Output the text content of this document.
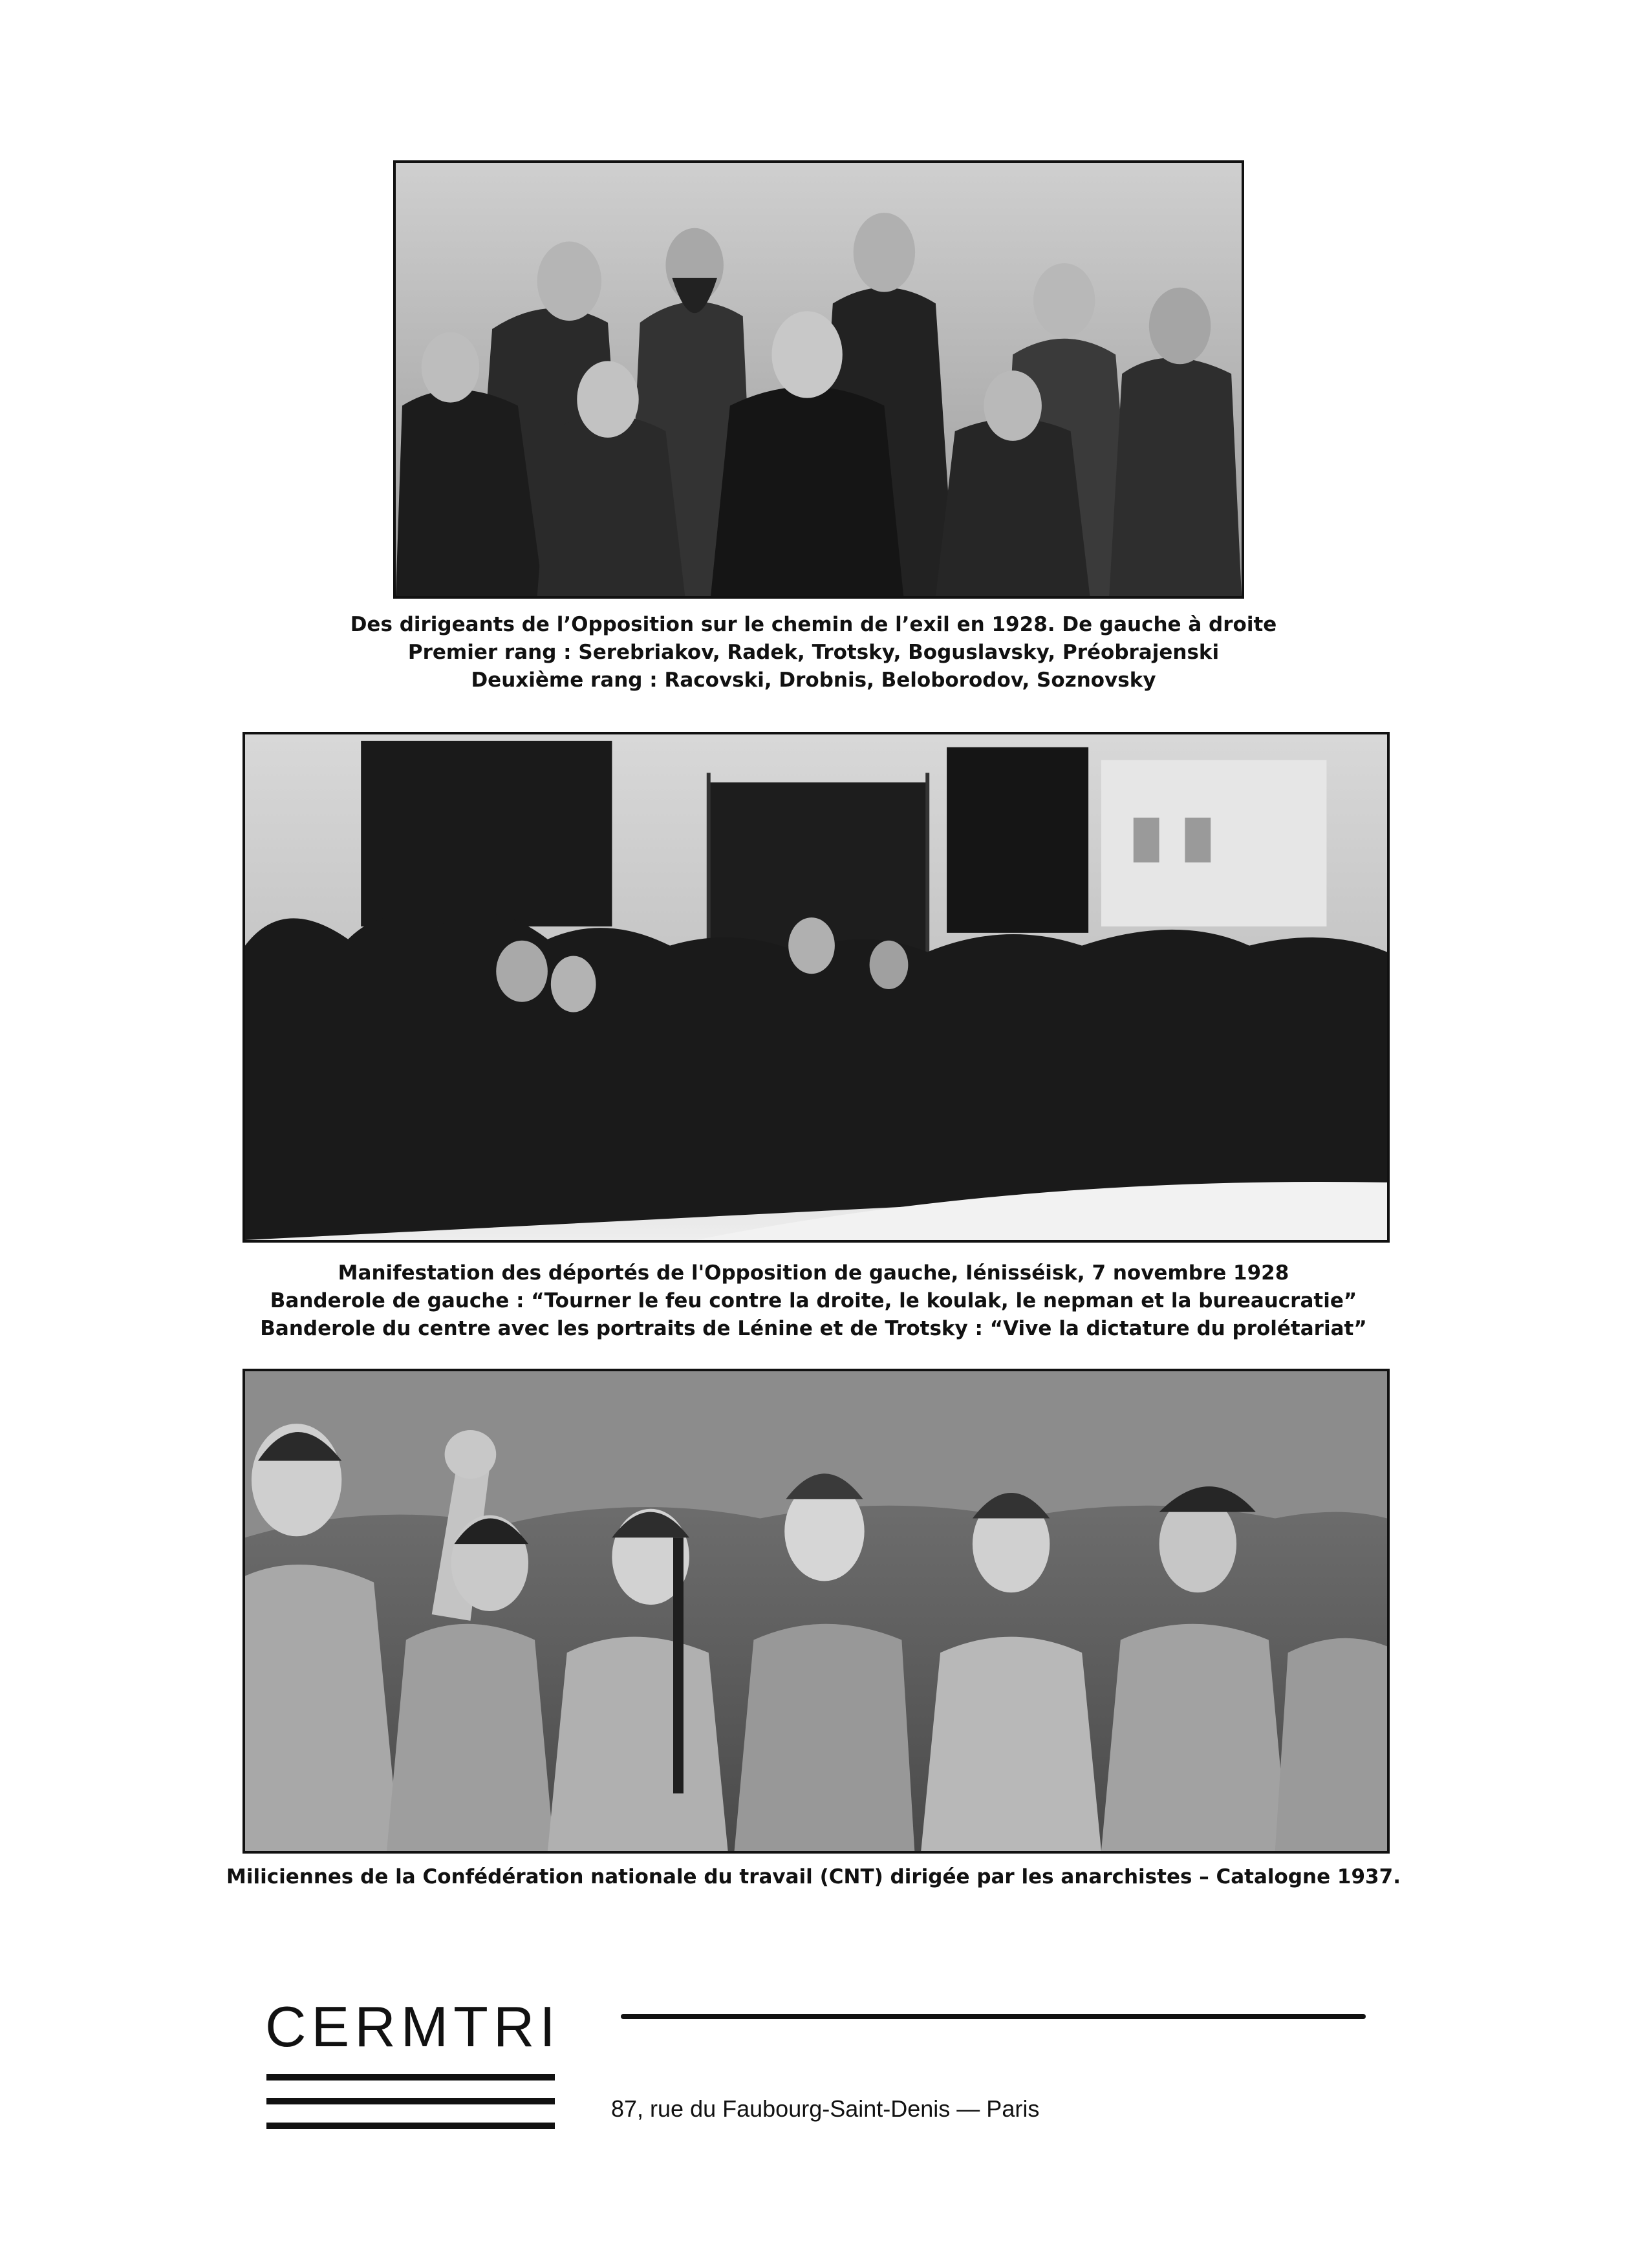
Des dirigeants de l’Opposition sur le chemin de l’exil en 1928. De gauche à droite
Premier rang : Serebriakov, Radek, Trotsky, Boguslavsky, Préobrajenski
Deuxième rang : Racovski, Drobnis, Beloborodov, Soznovsky
Manifestation des déportés de l'Opposition de gauche, Iénisséisk, 7 novembre 1928
Banderole de gauche : “Tourner le feu contre la droite, le koulak, le nepman et la bureaucratie”
Banderole du centre avec les portraits de Lénine et de Trotsky : “Vive la dictature du prolétariat”
Miliciennes de la Confédération nationale du travail (CNT) dirigée par les anarchistes – Catalogne 1937.
CERMTRI
87, rue du Faubourg-Saint-Denis — Paris
